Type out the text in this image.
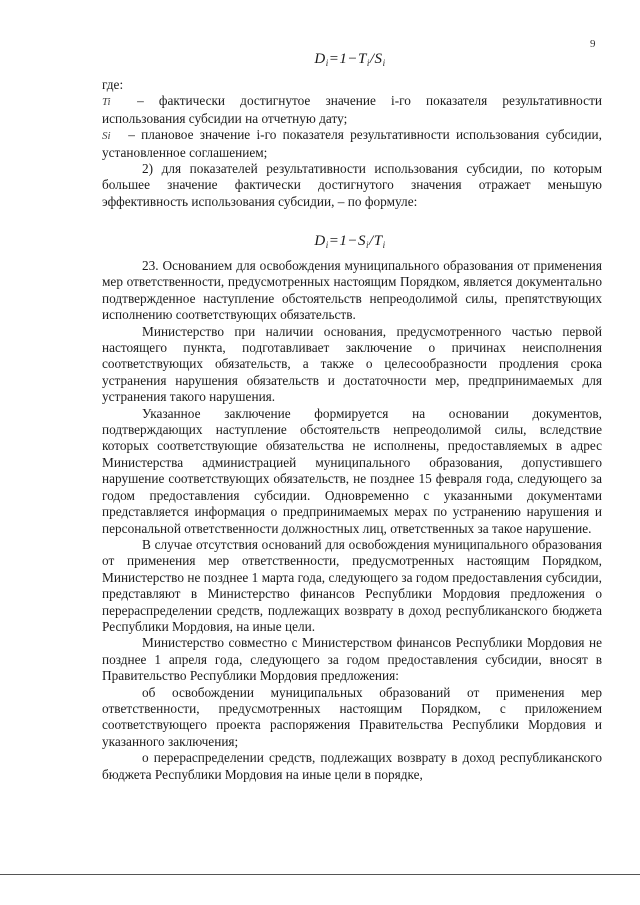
9
$D_i=1-T_i/S_i$

где:

Ti – фактически достигнутое значение i-го показателя результативности использования субсидии на отчетную дату;

Si – плановое значение i-го показателя результативности использования субсидии, установленное соглашением;

2) для показателей результативности использования субсидии, по которым большее значение фактически достигнутого значения отражает меньшую эффективность использования субсидии, – по формуле:

$D_i=1-S_i/T_i$

23. Основанием для освобождения муниципального образования от применения мер ответственности, предусмотренных настоящим Порядком, является документально подтвержденное наступление обстоятельств непреодолимой силы, препятствующих исполнению соответствующих обязательств.

Министерство при наличии основания, предусмотренного частью первой настоящего пункта, подготавливает заключение о причинах неисполнения соответствующих обязательств, а также о целесообразности продления срока устранения нарушения обязательств и достаточности мер, предпринимаемых для устранения такого нарушения.

Указанное заключение формируется на основании документов, подтверждающих наступление обстоятельств непреодолимой силы, вследствие которых соответствующие обязательства не исполнены, предоставляемых в адрес Министерства администрацией муниципального образования, допустившего нарушение соответствующих обязательств, не позднее 15 февраля года, следующего за годом предоставления субсидии. Одновременно с указанными документами представляется информация о предпринимаемых мерах по устранению нарушения и персональной ответственности должностных лиц, ответственных за такое нарушение.

В случае отсутствия оснований для освобождения муниципального образования от применения мер ответственности, предусмотренных настоящим Порядком, Министерство не позднее 1 марта года, следующего за годом предоставления субсидии, представляют в Министерство финансов Республики Мордовия предложения о перераспределении средств, подлежащих возврату в доход республиканского бюджета Республики Мордовия, на иные цели.

Министерство совместно с Министерством финансов Республики Мордовия не позднее 1 апреля года, следующего за годом предоставления субсидии, вносят в Правительство Республики Мордовия предложения:

об освобождении муниципальных образований от применения мер ответственности, предусмотренных настоящим Порядком, с приложением соответствующего проекта распоряжения Правительства Республики Мордовия и указанного заключения;

о перераспределении средств, подлежащих возврату в доход республиканского бюджета Республики Мордовия на иные цели в порядке,
